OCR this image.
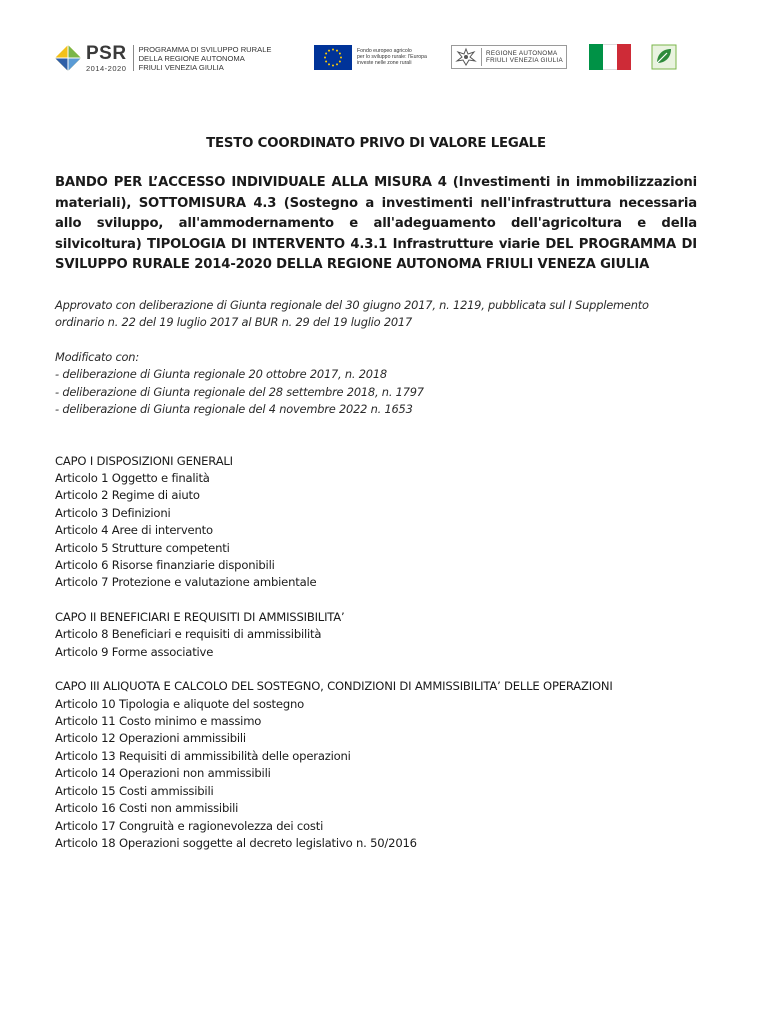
PSR
2014-2020
PROGRAMMA DI SVILUPPO RURALE
DELLA REGIONE AUTONOMA
FRIULI VENEZIA GIULIA
Fondo europeo agricolo
per lo sviluppo rurale: l'Europa
investe nelle zone rurali
REGIONE AUTONOMA
FRIULI VENEZIA GIULIA
TESTO COORDINATO PRIVO DI VALORE LEGALE
BANDO PER L’ACCESSO INDIVIDUALE ALLA MISURA 4 (Investimenti in immobilizzazioni materiali), SOTTOMISURA 4.3 (Sostegno a investimenti nell'infrastruttura necessaria allo sviluppo, all'ammodernamento e all'adeguamento dell'agricoltura e della silvicoltura) TIPOLOGIA DI INTERVENTO 4.3.1 Infrastrutture viarie DEL PROGRAMMA DI SVILUPPO RURALE 2014-2020 DELLA REGIONE AUTONOMA FRIULI VENEZA GIULIA
Approvato con deliberazione di Giunta regionale del 30 giugno 2017, n. 1219, pubblicata sul I Supplemento ordinario n. 22 del 19 luglio 2017 al BUR n. 29 del 19 luglio 2017
Modificato con:
- deliberazione di Giunta regionale 20 ottobre 2017, n. 2018
- deliberazione di Giunta regionale del 28 settembre 2018, n. 1797
- deliberazione di Giunta regionale del 4 novembre 2022 n. 1653
CAPO I DISPOSIZIONI GENERALI
Articolo 1 Oggetto e finalità
Articolo 2 Regime di aiuto
Articolo 3 Definizioni
Articolo 4 Aree di intervento
Articolo 5 Strutture competenti
Articolo 6 Risorse finanziarie disponibili
Articolo 7 Protezione e valutazione ambientale
CAPO II BENEFICIARI E REQUISITI DI AMMISSIBILITA’
Articolo 8 Beneficiari e requisiti di ammissibilità
Articolo 9 Forme associative
CAPO III ALIQUOTA E CALCOLO DEL SOSTEGNO, CONDIZIONI DI AMMISSIBILITA’ DELLE OPERAZIONI
Articolo 10 Tipologia e aliquote del sostegno
Articolo 11 Costo minimo e massimo
Articolo 12 Operazioni ammissibili
Articolo 13 Requisiti di ammissibilità delle operazioni
Articolo 14 Operazioni non ammissibili
Articolo 15 Costi ammissibili
Articolo 16 Costi non ammissibili
Articolo 17 Congruità e ragionevolezza dei costi
Articolo 18 Operazioni soggette al decreto legislativo n. 50/2016
